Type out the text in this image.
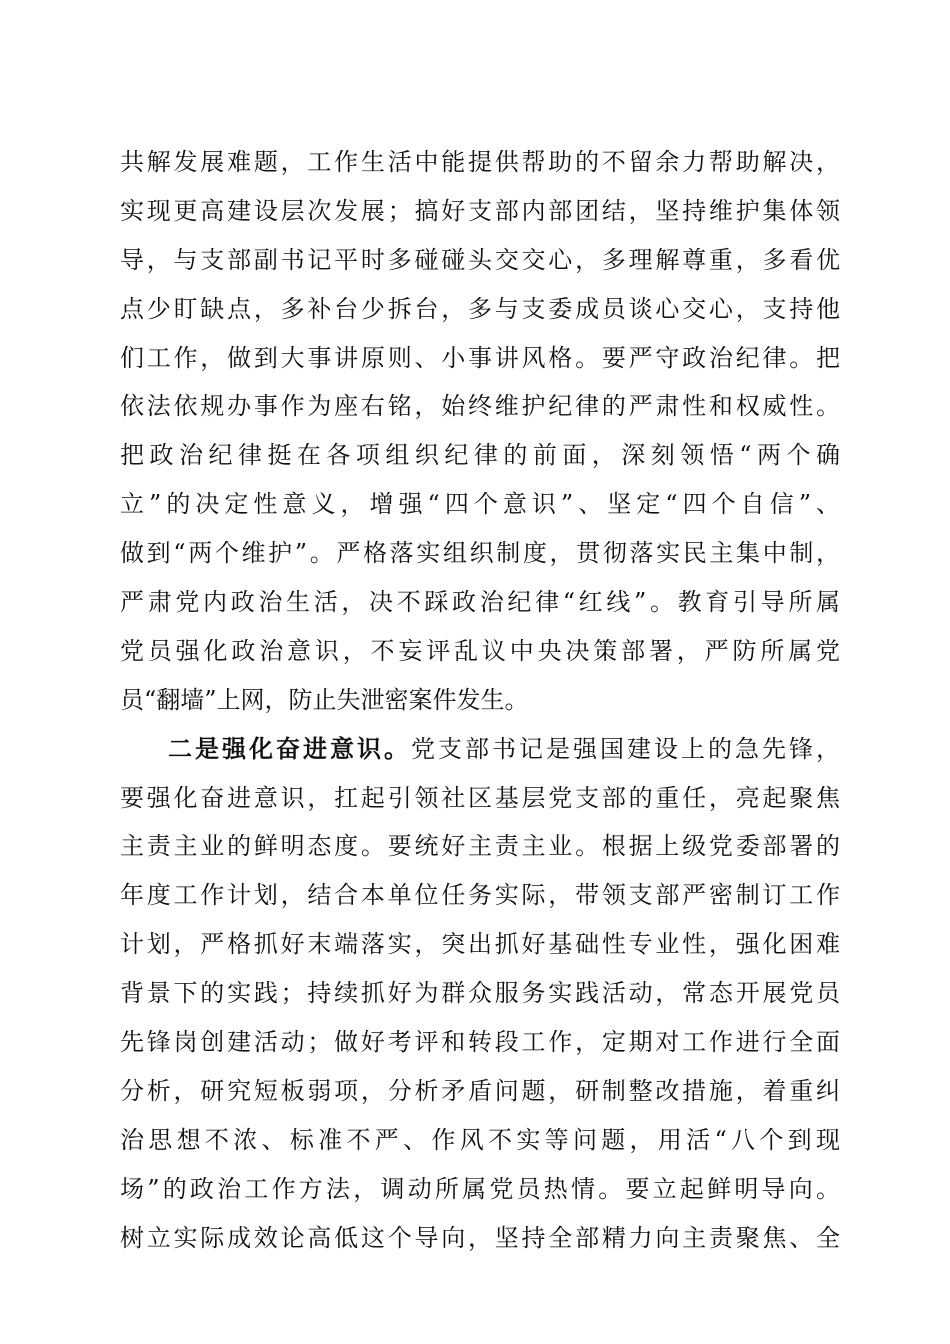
共解发展难题，工作生活中能提供帮助的不留余力帮助解决，
实现更高建设层次发展；搞好支部内部团结，坚持维护集体领
导，与支部副书记平时多碰碰头交交心，多理解尊重，多看优
点少盯缺点，多补台少拆台，多与支委成员谈心交心，支持他
们工作，做到大事讲原则、小事讲风格。要严守政治纪律。把
依法依规办事作为座右铭，始终维护纪律的严肃性和权威性。
把政治纪律挺在各项组织纪律的前面，深刻领悟“两个确
立”的决定性意义，增强“四个意识”、坚定“四个自信”、
做到“两个维护”。严格落实组织制度，贯彻落实民主集中制，
严肃党内政治生活，决不踩政治纪律“红线”。教育引导所属
党员强化政治意识，不妄评乱议中央决策部署，严防所属党
员“翻墙”上网，防止失泄密案件发生。
二是强化奋进意识。党支部书记是强国建设上的急先锋，
要强化奋进意识，扛起引领社区基层党支部的重任，亮起聚焦
主责主业的鲜明态度。要统好主责主业。根据上级党委部署的
年度工作计划，结合本单位任务实际，带领支部严密制订工作
计划，严格抓好末端落实，突出抓好基础性专业性，强化困难
背景下的实践；持续抓好为群众服务实践活动，常态开展党员
先锋岗创建活动；做好考评和转段工作，定期对工作进行全面
分析，研究短板弱项，分析矛盾问题，研制整改措施，着重纠
治思想不浓、标准不严、作风不实等问题，用活“八个到现
场”的政治工作方法，调动所属党员热情。要立起鲜明导向。
树立实际成效论高低这个导向，坚持全部精力向主责聚焦、全
